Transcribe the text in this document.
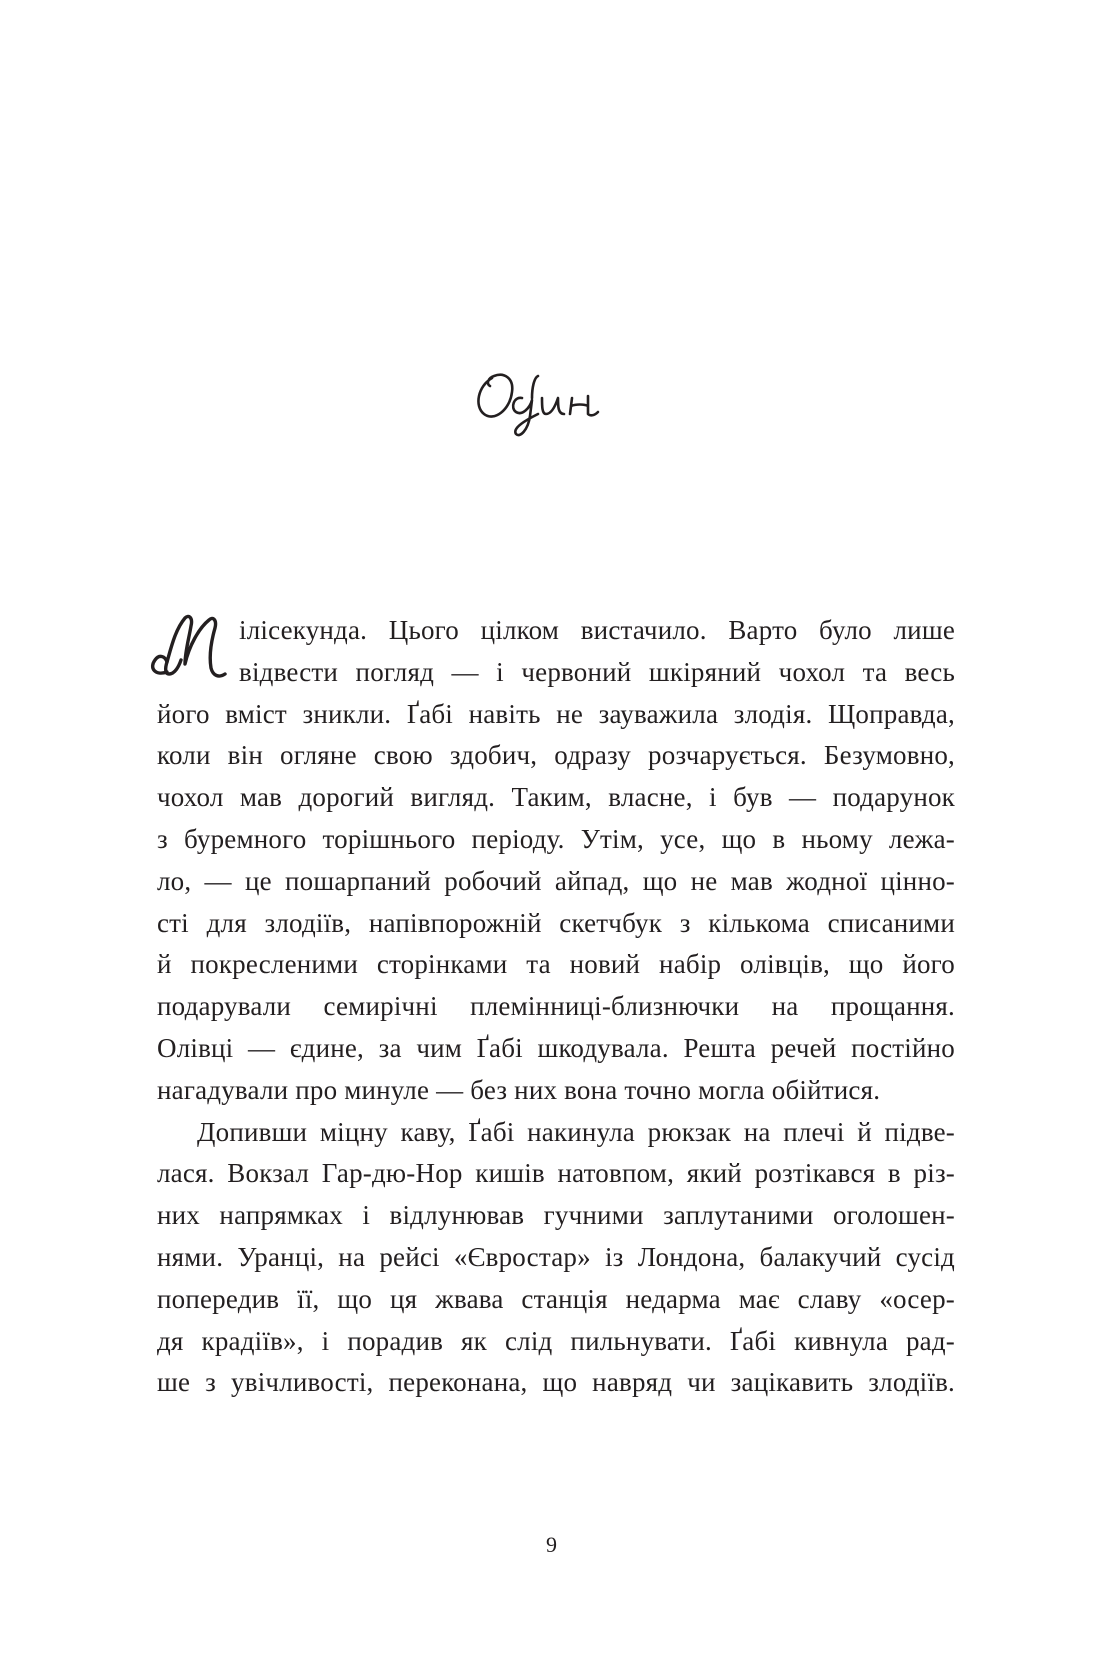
ілісекунда. Цього цілком вистачило. Варто було лише
відвести погляд — і червоний шкіряний чохол та весь
його вміст зникли. Ґабі навіть не зауважила злодія. Щоправда,
коли він огляне свою здобич, одразу розчарується. Безумовно,
чохол мав дорогий вигляд. Таким, власне, і був — подарунок
з буремного торішнього періоду. Утім, усе, що в ньому лежа-
ло, — це пошарпаний робочий айпад, що не мав жодної цінно-
сті для злодіїв, напівпорожній скетчбук з кількома списаними
й покресленими сторінками та новий набір олівців, що його
подарували семирічні племінниці-близнючки на прощання.
Олівці — єдине, за чим Ґабі шкодувала. Решта речей постійно
нагадували про минуле — без них вона точно могла обійтися.
Допивши міцну каву, Ґабі накинула рюкзак на плечі й підве-
лася. Вокзал Гар-дю-Нор кишів натовпом, який розтікався в різ-
них напрямках і відлунював гучними заплутаними оголошен-
нями. Уранці, на рейсі «Євростар» із Лондона, балакучий сусід
попередив її, що ця жвава станція недарма має славу «осер-
дя крадіїв», і порадив як слід пильнувати. Ґабі кивнула рад-
ше з увічливості, переконана, що навряд чи зацікавить злодіїв.
9
